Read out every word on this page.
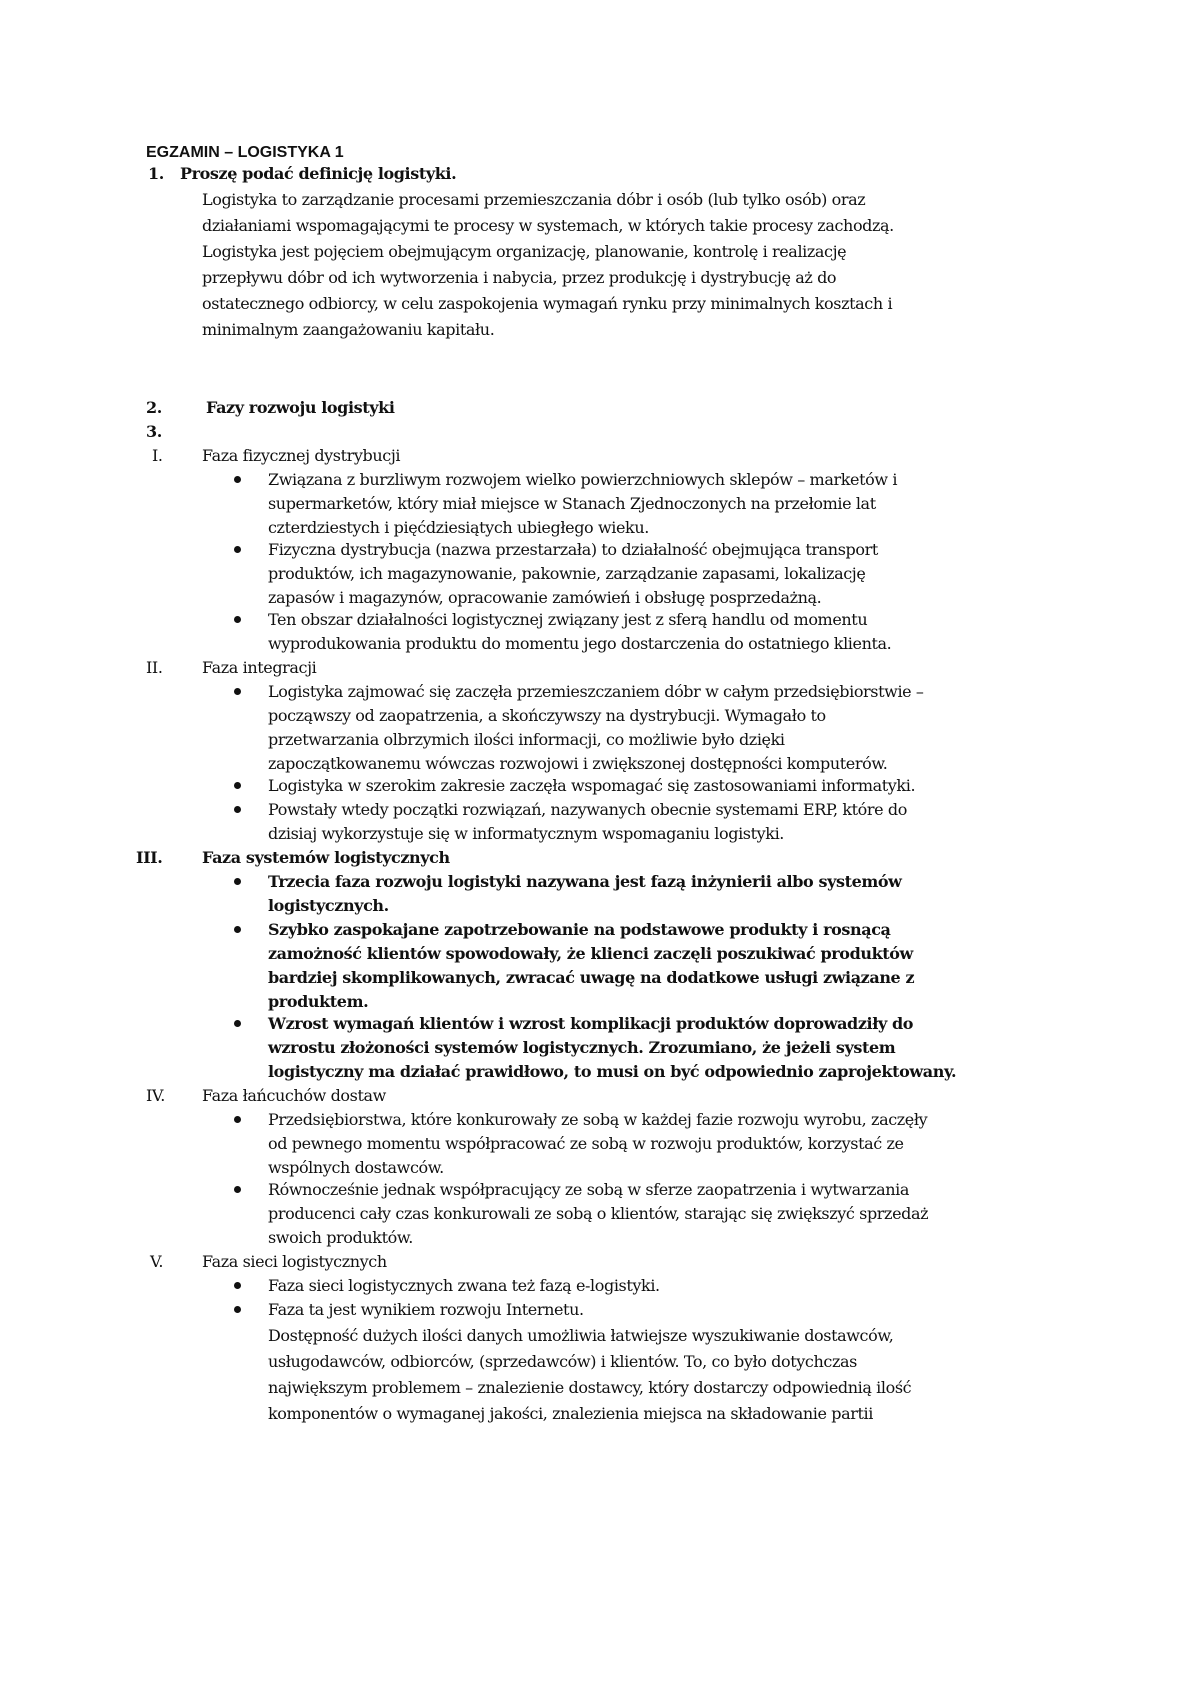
EGZAMIN – LOGISTYKA 1
1. Proszę podać definicję logistyki.
Logistyka to zarządzanie procesami przemieszczania dóbr i osób (lub tylko osób) oraz
działaniami wspomagającymi te procesy w systemach, w których takie procesy zachodzą.
Logistyka jest pojęciem obejmującym organizację, planowanie, kontrolę i realizację
przepływu dóbr od ich wytworzenia i nabycia, przez produkcję i dystrybucję aż do
ostatecznego odbiorcy, w celu zaspokojenia wymagań rynku przy minimalnych kosztach i
minimalnym zaangażowaniu kapitału.
2.	Fazy rozwoju logistyki
3.
I. Faza fizycznej dystrybucji
Związana z burzliwym rozwojem wielko powierzchniowych sklepów – marketów i
supermarketów, który miał miejsce w Stanach Zjednoczonych na przełomie lat
czterdziestych i pięćdziesiątych ubiegłego wieku.
Fizyczna dystrybucja (nazwa przestarzała) to działalność obejmująca transport
produktów, ich magazynowanie, pakownie, zarządzanie zapasami, lokalizację
zapasów i magazynów, opracowanie zamówień i obsługę posprzedażną.
Ten obszar działalności logistycznej związany jest z sferą handlu od momentu
wyprodukowania produktu do momentu jego dostarczenia do ostatniego klienta.
II. Faza integracji
Logistyka zajmować się zaczęła przemieszczaniem dóbr w całym przedsiębiorstwie –
począwszy od zaopatrzenia, a skończywszy na dystrybucji. Wymagało to
przetwarzania olbrzymich ilości informacji, co możliwie było dzięki
zapoczątkowanemu wówczas rozwojowi i zwiększonej dostępności komputerów.
Logistyka w szerokim zakresie zaczęła wspomagać się zastosowaniami informatyki.
Powstały wtedy początki rozwiązań, nazywanych obecnie systemami ERP, które do
dzisiaj wykorzystuje się w informatycznym wspomaganiu logistyki.
III. Faza systemów logistycznych
Trzecia faza rozwoju logistyki nazywana jest fazą inżynierii albo systemów
logistycznych.
Szybko zaspokajane zapotrzebowanie na podstawowe produkty i rosnącą
zamożność klientów spowodowały, że klienci zaczęli poszukiwać produktów
bardziej skomplikowanych, zwracać uwagę na dodatkowe usługi związane z
produktem.
Wzrost wymagań klientów i wzrost komplikacji produktów doprowadziły do
wzrostu złożoności systemów logistycznych. Zrozumiano, że jeżeli system
logistyczny ma działać prawidłowo, to musi on być odpowiednio zaprojektowany.
IV. Faza łańcuchów dostaw
Przedsiębiorstwa, które konkurowały ze sobą w każdej fazie rozwoju wyrobu, zaczęły
od pewnego momentu współpracować ze sobą w rozwoju produktów, korzystać ze
wspólnych dostawców.
Równocześnie jednak współpracujący ze sobą w sferze zaopatrzenia i wytwarzania
producenci cały czas konkurowali ze sobą o klientów, starając się zwiększyć sprzedaż
swoich produktów.
V. Faza sieci logistycznych
Faza sieci logistycznych zwana też fazą e-logistyki.
Faza ta jest wynikiem rozwoju Internetu.
Dostępność dużych ilości danych umożliwia łatwiejsze wyszukiwanie dostawców,
usługodawców, odbiorców, (sprzedawców) i klientów. To, co było dotychczas
największym problemem – znalezienie dostawcy, który dostarczy odpowiednią ilość
komponentów o wymaganej jakości, znalezienia miejsca na składowanie partii
